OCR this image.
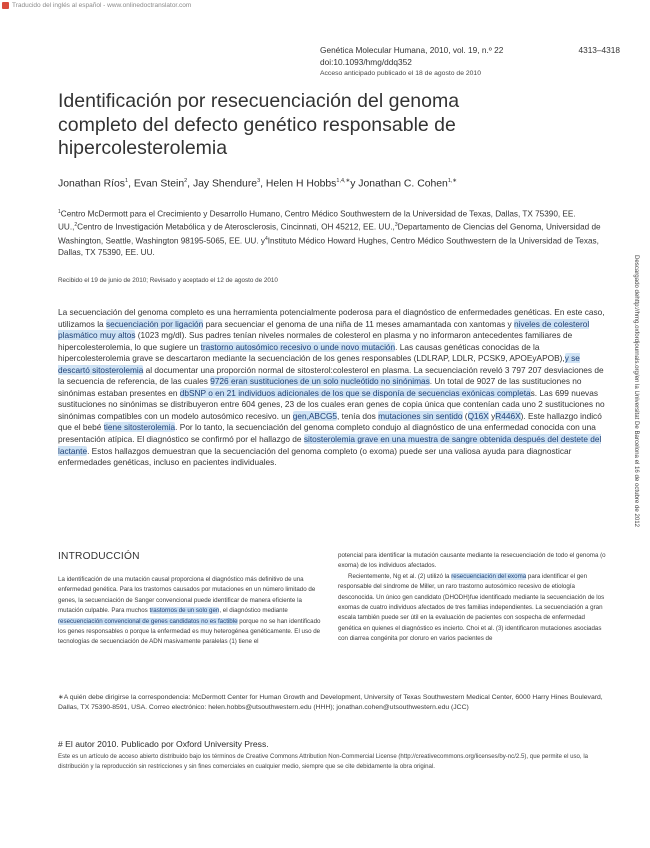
Traducido del inglés al español - www.onlinedoctranslator.com
Genética Molecular Humana, 2010, vol. 19, n.º 22	4313–4318
doi:10.1093/hmg/ddq352
Acceso anticipado publicado el 18 de agosto de 2010
Identificación por resecuenciación del genoma completo del defecto genético responsable de hipercolesterolemia
Jonathan Ríos$^1$, Evan Stein$^2$, Jay Shendure$^3$, Helen H Hobbs$^{1,4,∗}$y Jonathan C. Cohen$^{1,∗}$
$^1$Centro McDermott para el Crecimiento y Desarrollo Humano, Centro Médico Southwestern de la Universidad de Texas, Dallas, TX 75390, EE. UU.,$^2$Centro de Investigación Metabólica y de Aterosclerosis, Cincinnati, OH 45212, EE. UU.,$^3$Departamento de Ciencias del Genoma, Universidad de Washington, Seattle, Washington 98195-5065, EE. UU. $y^4Instituto$ Médico Howard Hughes, Centro Médico Southwestern de la Universidad de Texas, Dallas, TX 75390, EE. UU.
Recibido el 19 de junio de 2010; Revisado y aceptado el 12 de agosto de 2010
La secuenciación del genoma completo es una herramienta potencialmente poderosa para el diagnóstico de enfermedades genéticas. En este caso, utilizamos la secuenciación por ligación para secuenciar el genoma de una niña de 11 meses amamantada con xantomas y niveles de colesterol plasmático muy altos (1023 mg/dl). Sus padres tenían niveles normales de colesterol en plasma y no informaron antecedentes familiares de hipercolesterolemia, lo que sugiere un trastorno autosómico recesivo o unde novo mutación. Las causas genéticas conocidas de la hipercolesterolemia grave se descartaron mediante la secuenciación de los genes responsables (LDLRAP, LDLR, PCSK9, APOEyAPOB),y se descartó sitosterolemia al documentar una proporción normal de sitosterol:colesterol en plasma. La secuenciación reveló 3 797 207 desviaciones de la secuencia de referencia, de las cuales 9726 eran sustituciones de un solo nucleótido no sinónimas. Un total de 9027 de las sustituciones no sinónimas estaban presentes en dbSNP o en 21 individuos adicionales de los que se disponía de secuencias exónicas completas. Las 699 nuevas sustituciones no sinónimas se distribuyeron entre 604 genes, 23 de los cuales eran genes de copia única que contenían cada uno 2 sustituciones no sinónimas compatibles con un modelo autosómico recesivo. un gen,ABCG5, tenía dos mutaciones sin sentido (Q16X yR446X). Este hallazgo indicó que el bebé tiene sitosterolemia. Por lo tanto, la secuenciación del genoma completo condujo al diagnóstico de una enfermedad conocida con una presentación atípica. El diagnóstico se confirmó por el hallazgo de sitosterolemia grave en una muestra de sangre obtenida después del destete del lactante. Estos hallazgos demuestran que la secuenciación del genoma completo (o exoma) puede ser una valiosa ayuda para diagnosticar enfermedades genéticas, incluso en pacientes individuales.	Descargado dehttp://hmg.oxfordjournals.org/en la Universitat De Barcelona el 16 de octubre de 2012
INTRODUCCIÓN
La identificación de una mutación causal proporciona el diagnóstico más definitivo de una enfermedad genética. Para los trastornos causados por mutaciones en un número limitado de genes, la secuenciación de Sanger convencional puede identificar de manera eficiente la mutación culpable. Para muchos trastornos de un solo gen, el diagnóstico mediante resecuenciación convencional de genes candidatos no es factible porque no se han identificado los genes responsables o porque la enfermedad es muy heterogénea genéticamente. El uso de tecnologías de secuenciación de ADN masivamente paralelas (1) tiene el
potencial para identificar la mutación causante mediante la resecuenciación de todo el genoma (o exoma) de los individuos afectados.
Recientemente, Ng et al. (2) utilizó la resecuenciación del exoma para identificar el gen responsable del síndrome de Miller, un raro trastorno autosómico recesivo de etiología desconocida. Un único gen candidato (DHODH)fue identificado mediante la secuenciación de los exomas de cuatro individuos afectados de tres familias independientes. La secuenciación a gran escala también puede ser útil en la evaluación de pacientes con sospecha de enfermedad genética en quienes el diagnóstico es incierto. Choi et al. (3) identificaron mutaciones asociadas con diarrea congénita por cloruro en varios pacientes de
∗A quién debe dirigirse la correspondencia: McDermott Center for Human Growth and Development, University of Texas Southwestern Medical Center, 6000 Harry Hines Boulevard, Dallas, TX 75390-8591, USA. Correo electrónico: helen.hobbs@utsouthwestern.edu (HHH); jonathan.cohen@utsouthwestern.edu (JCC)
# El autor 2010. Publicado por Oxford University Press.
Este es un artículo de acceso abierto distribuido bajo los términos de Creative Commons Attribution Non-Commercial License (http://creativecommons.org/licenses/by-nc/2.5), que permite el uso, la distribución y la reproducción sin restricciones y sin fines comerciales en cualquier medio, siempre que se cite debidamente la obra original.
